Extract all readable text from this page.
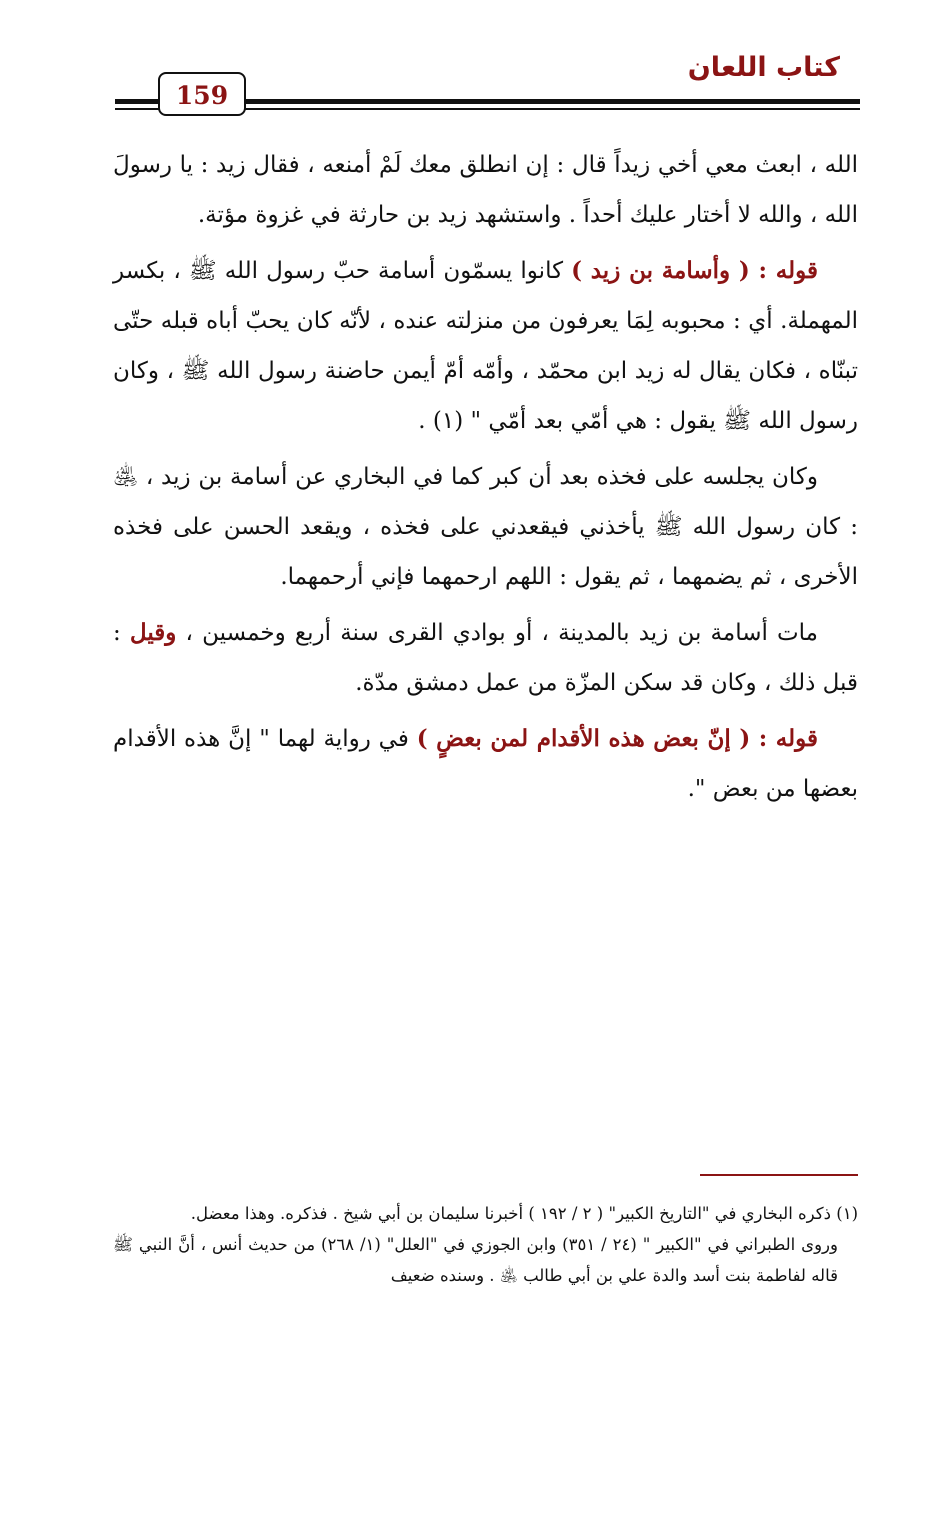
كتاب اللعان
159

الله ، ابعث معي أخي زيداً قال : إن انطلق معك لَمْ أمنعه ، فقال زيد : يا رسولَ الله ، والله لا أختار عليك أحداً . واستشهد زيد بن حارثة في غزوة مؤتة.

قوله : ( وأسامة بن زيد ) كانوا يسمّون أسامة حبّ رسول الله ﷺ ، بكسر المهملة. أي : محبوبه لِمَا يعرفون من منزلته عنده ، لأنّه كان يحبّ أباه قبله حتّى تبنّاه ، فكان يقال له زيد ابن محمّد ، وأمّه أمّ أيمن حاضنة رسول الله ﷺ ، وكان رسول الله ﷺ يقول : هي أمّي بعد أمّي " (١) .

وكان يجلسه على فخذه بعد أن كبر كما في البخاري عن أسامة بن زيد ، ﵁ : كان رسول الله ﷺ يأخذني فيقعدني على فخذه ، ويقعد الحسن على فخذه الأخرى ، ثم يضمهما ، ثم يقول : اللهم ارحمهما فإني أرحمهما.

مات أسامة بن زيد بالمدينة ، أو بوادي القرى سنة أربع وخمسين ، وقيل : قبل ذلك ، وكان قد سكن المزّة من عمل دمشق مدّة.

قوله : ( إنّ بعض هذه الأقدام لمن بعضٍ ) في رواية لهما " إنَّ هذه الأقدام بعضها من بعض ".

(١) ذكره البخاري في "التاريخ الكبير" ( ٢ / ١٩٢ ) أخبرنا سليمان بن أبي شيخ . فذكره. وهذا معضل.

وروى الطبراني في "الكبير " (٢٤ / ٣٥١) وابن الجوزي في "العلل" (١/ ٢٦٨) من حديث أنس ، أنَّ النبي ﷺ قاله لفاطمة بنت أسد والدة علي بن أبي طالب ﵁ . وسنده ضعيف
